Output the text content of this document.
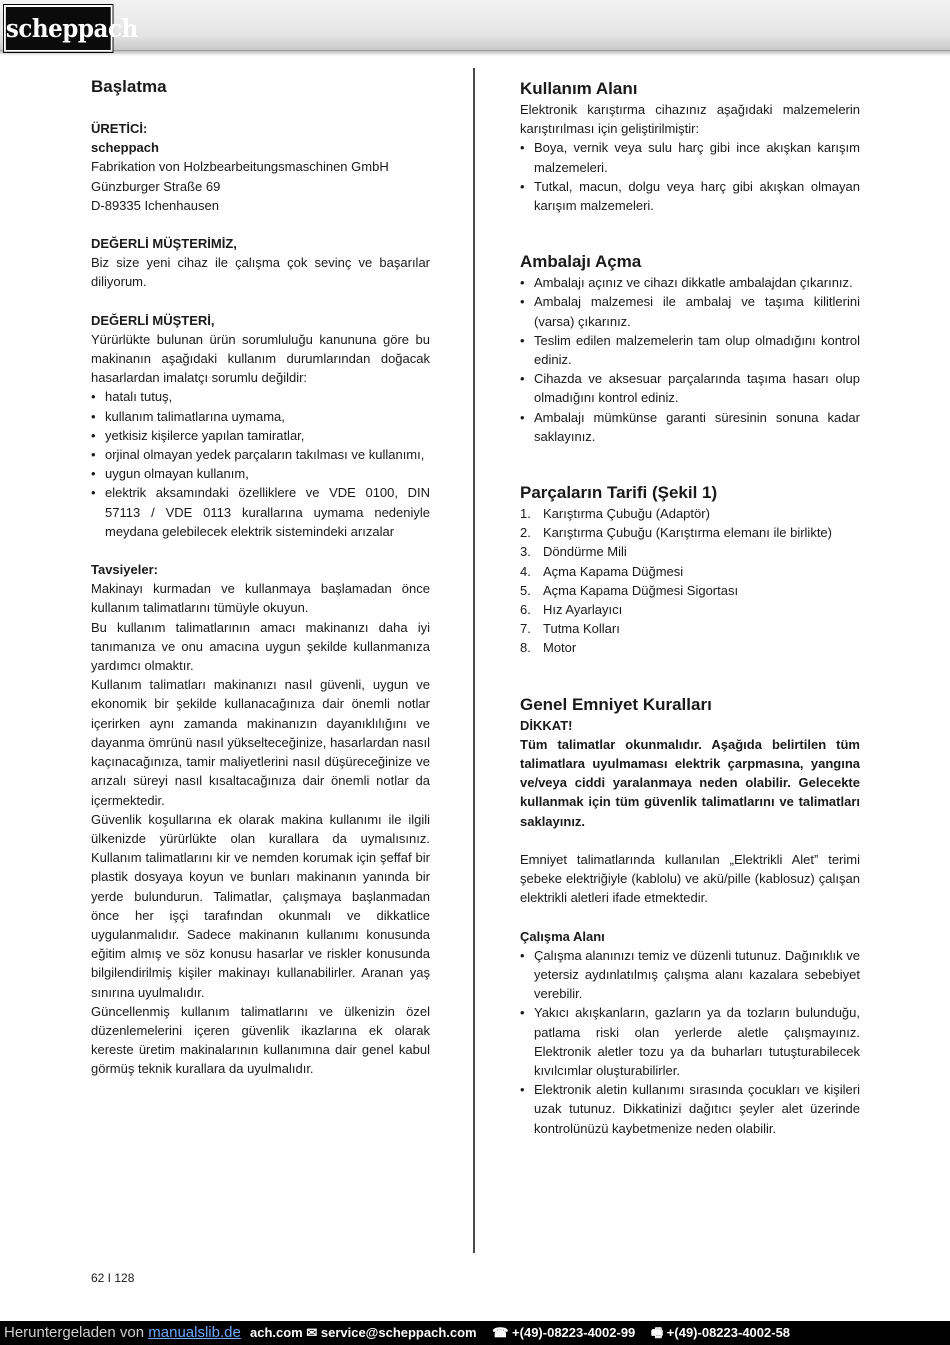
scheppach
Başlatma

ÜRETİCİ:

scheppach

Fabrikation von Holzbearbeitungsmaschinen GmbH

Günzburger Straße 69

D-89335 Ichenhausen

DEĞERLİ MÜŞTERİMİZ,

Biz size yeni cihaz ile çalışma çok sevinç ve başarılar diliyorum.

DEĞERLİ MÜŞTERİ,

Yürürlükte bulunan ürün sorumluluğu kanununa göre bu makinanın aşağıdaki kullanım durumlarından doğacak hasarlardan imalatçı sorumlu değildir:

• hatalı tutuş,
• kullanım talimatlarına uymama,
• yetkisiz kişilerce yapılan tamiratlar,
• orjinal olmayan yedek parçaların takılması ve kullanımı,
• uygun olmayan kullanım,
• elektrik aksamındaki özelliklere ve VDE 0100, DIN 57113 / VDE 0113 kurallarına uymama nedeniyle meydana gelebilecek elektrik sistemindeki arızalar

Tavsiyeler:

Makinayı kurmadan ve kullanmaya başlamadan önce kullanım talimatlarını tümüyle okuyun.

Bu kullanım talimatlarının amacı makinanızı daha iyi tanımanıza ve onu amacına uygun şekilde kullanmanıza yardımcı olmaktır.

Kullanım talimatları makinanızı nasıl güvenli, uygun ve ekonomik bir şekilde kullanacağınıza dair önemli notlar içerirken aynı zamanda makinanızın dayanıklılığını ve dayanma ömrünü nasıl yükselteceğinize, hasarlardan nasıl kaçınacağınıza, tamir maliyetlerini nasıl düşüreceğinize ve arızalı süreyi nasıl kısaltacağınıza dair önemli notlar da içermektedir.

Güvenlik koşullarına ek olarak makina kullanımı ile ilgili ülkenizde yürürlükte olan kurallara da uymalısınız. Kullanım talimatlarını kir ve nemden korumak için şeffaf bir plastik dosyaya koyun ve bunları makinanın yanında bir yerde bulundurun. Talimatlar, çalışmaya başlanmadan önce her işçi tarafından okunmalı ve dikkatlice uygulanmalıdır. Sadece makinanın kullanımı konusunda eğitim almış ve söz konusu hasarlar ve riskler konusunda bilgilendirilmiş kişiler makinayı kullanabilirler. Aranan yaş sınırına uyulmalıdır.

Güncellenmiş kullanım talimatlarını ve ülkenizin özel düzenlemelerini içeren güvenlik ikazlarına ek olarak kereste üretim makinalarının kullanımına dair genel kabul görmüş teknik kurallara da uyulmalıdır.

Kullanım Alanı

Elektronik karıştırma cihazınız aşağıdaki malzemelerin karıştırılması için geliştirilmiştir:

• Boya, vernik veya sulu harç gibi ince akışkan karışım malzemeleri.
• Tutkal, macun, dolgu veya harç gibi akışkan olmayan karışım malzemeleri.
Ambalajı Açma
• Ambalajı açınız ve cihazı dikkatle ambalajdan çıkarınız.
• Ambalaj malzemesi ile ambalaj ve taşıma kilitlerini (varsa) çıkarınız.
• Teslim edilen malzemelerin tam olup olmadığını kontrol ediniz.
• Cihazda ve aksesuar parçalarında taşıma hasarı olup olmadığını kontrol ediniz.
• Ambalajı mümkünse garanti süresinin sonuna kadar saklayınız.
Parçaların Tarifi (Şekil 1)
1. Karıştırma Çubuğu (Adaptör)
2. Karıştırma Çubuğu (Karıştırma elemanı ile birlikte)
3. Döndürme Mili
4. Açma Kapama Düğmesi
5. Açma Kapama Düğmesi Sigortası
6. Hız Ayarlayıcı
7. Tutma Kolları
8. Motor
Genel Emniyet Kuralları

DİKKAT!

Tüm talimatlar okunmalıdır. Aşağıda belirtilen tüm talimatlara uyulmaması elektrik çarpmasına, yangına ve/veya ciddi yaralanmaya neden olabilir. Gelecekte kullanmak için tüm güvenlik talimatlarını ve talimatları saklayınız.

Emniyet talimatlarında kullanılan „Elektrikli Alet” terimi şebeke elektriğiyle (kablolu) ve akü/pille (kablosuz) çalışan elektrikli aletleri ifade etmektedir.

Çalışma Alanı

• Çalışma alanınızı temiz ve düzenli tutunuz. Dağınıklık ve yetersiz aydınlatılmış çalışma alanı kazalara sebebiyet verebilir.
• Yakıcı akışkanların, gazların ya da tozların bulunduğu, patlama riski olan yerlerde aletle çalışmayınız. Elektronik aletler tozu ya da buharları tutuşturabilecek kıvılcımlar oluşturabilirler.
• Elektronik aletin kullanımı sırasında çocukları ve kişileri uzak tutunuz. Dikkatinizi dağıtıcı şeyler alet üzerinde kontrolünüzü kaybetmenize neden olabilir.
62 I 128
ach.com ✉ service@scheppach.com ☎ +(49)-08223-4002-99 🖷 +(49)-08223-4002-58
Heruntergeladen von manualslib.de
